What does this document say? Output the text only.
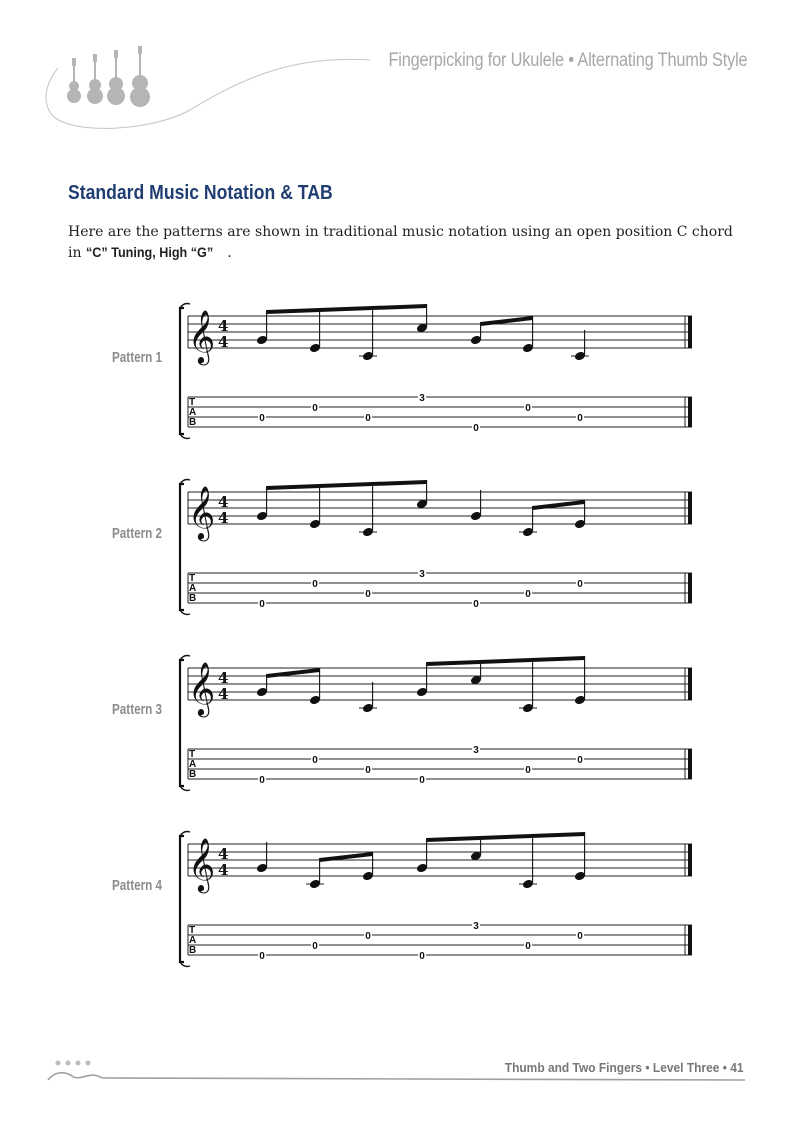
Fingerpicking for Ukulele • Alternating Thumb Style
Standard Music Notation & TAB
Here are the patterns are shown in traditional music notation using an open position C chord in “C” Tuning, High “G” .
Pattern 1
Pattern 2
Pattern 3
Pattern 4
𝄞 4
4
T
A
B	0
0
0
3
0
0
0
𝄞 4
4
T
A
B
0
0
0
3
0
0
0
𝄞 4
4
T
A
B
0
0
0
0
3
0
0
𝄞 4
4
T
A
B
0
0
0
0
3
0
0
Thumb and Two Fingers • Level Three • 41
